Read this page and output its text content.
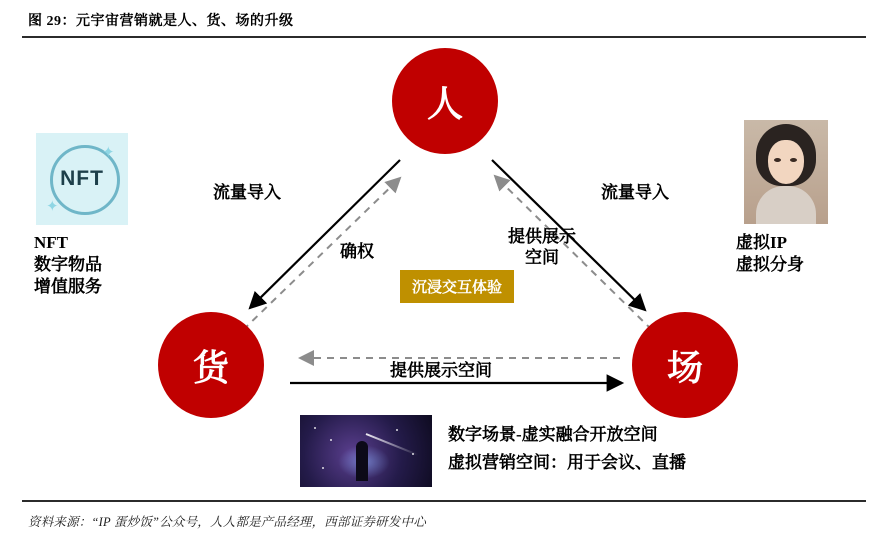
图 29：元宇宙营销就是人、货、场的升级
人
货	场
流量导入	流量导入
确权
提供展示
空间
提供展示空间
沉浸交互体验
✦
✦
NFT
NFT
数字物品
增值服务
虚拟IP
虚拟分身
数字场景-虚实融合开放空间
虚拟营销空间：用于会议、直播
资料来源：“IP 蛋炒饭”公众号，人人都是产品经理，西部证券研发中心
